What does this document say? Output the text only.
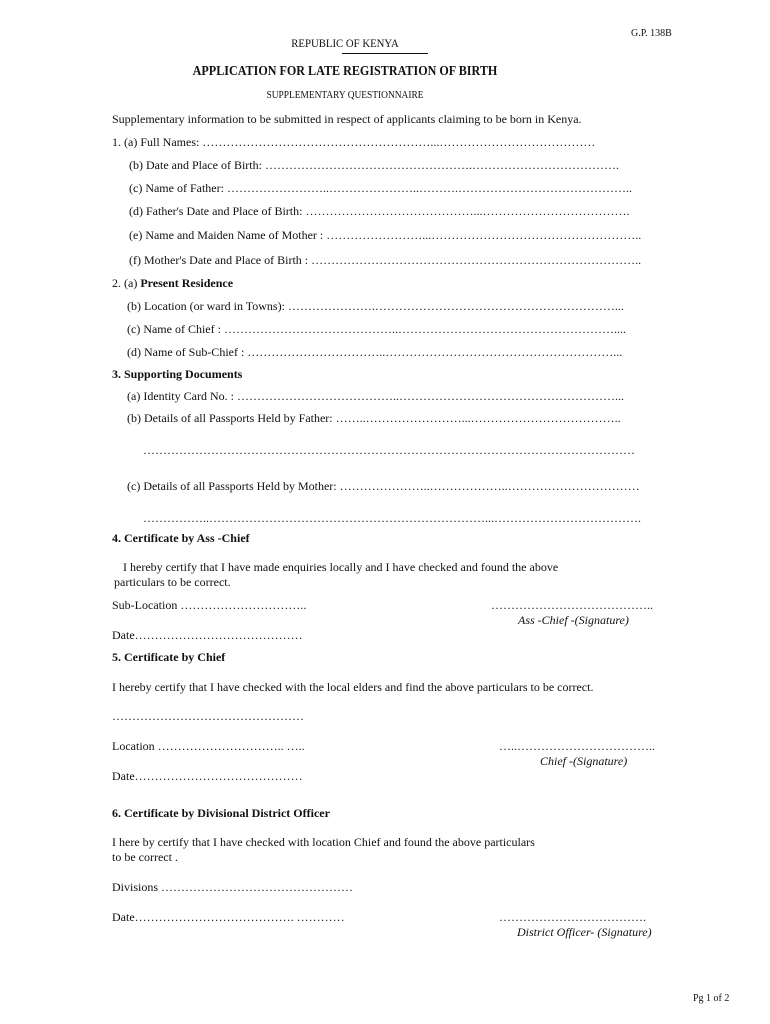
G.P. 138B
REPUBLIC OF KENYA
APPLICATION FOR LATE REGISTRATION OF BIRTH
SUPPLEMENTARY QUESTIONNAIRE
Supplementary information to be submitted in respect of applicants claiming to be born in Kenya.
1. (a) Full Names: …………………………………………………...…………………………………
(b) Date and Place of Birth: …………………………………………….……………………………….
(c) Name of Father: ……………………..…………………..……….……………………………………..
(d) Father's Date and Place of Birth: ……………………………………...……………………………….
(e) Name and Maiden Name of Mother : ……………………...……………………………………………..
(f) Mother's Date and Place of Birth : ………………………………………………………………………..
2. (a) Present Residence
(b) Location (or ward in Towns): ………………….……………………………………………………...
(c) Name of Chief : ……………………………………..………………………………………………....
(d) Name of Sub-Chief : ……………………………..…………………………………………………...
3. Supporting Documents
(a) Identity Card No. : …………………………………..………………………………………………...
(b) Details of all Passports Held by Father: ……..……………………...………………………………..
……………………………………………………………………………………………………………
(c) Details of all Passports Held by Mother: …………………..………………..……………………………
……………..……………………………………………………………...……………………………….
4. Certificate by Ass -Chief
I hereby certify that I have made enquiries locally and I have checked and found the above
particulars to be correct.
Sub-Location …………………………..	…………………………………..
Ass -Chief -(Signature)
Date……………………………………
5. Certificate by Chief
I hereby certify that I have checked with the local elders and find the above particulars to be correct.
…………………………………………
Location ………………………….. …..	…..……………………………..
Chief -(Signature)
Date……………………………………
6. Certificate by Divisional District Officer
I here by certify that I have checked with location Chief and found the above particulars
to be correct .
Divisions …………………………………………
Date…………………………………. …………	……………………………….
District Officer- (Signature)
Pg 1 of 2
